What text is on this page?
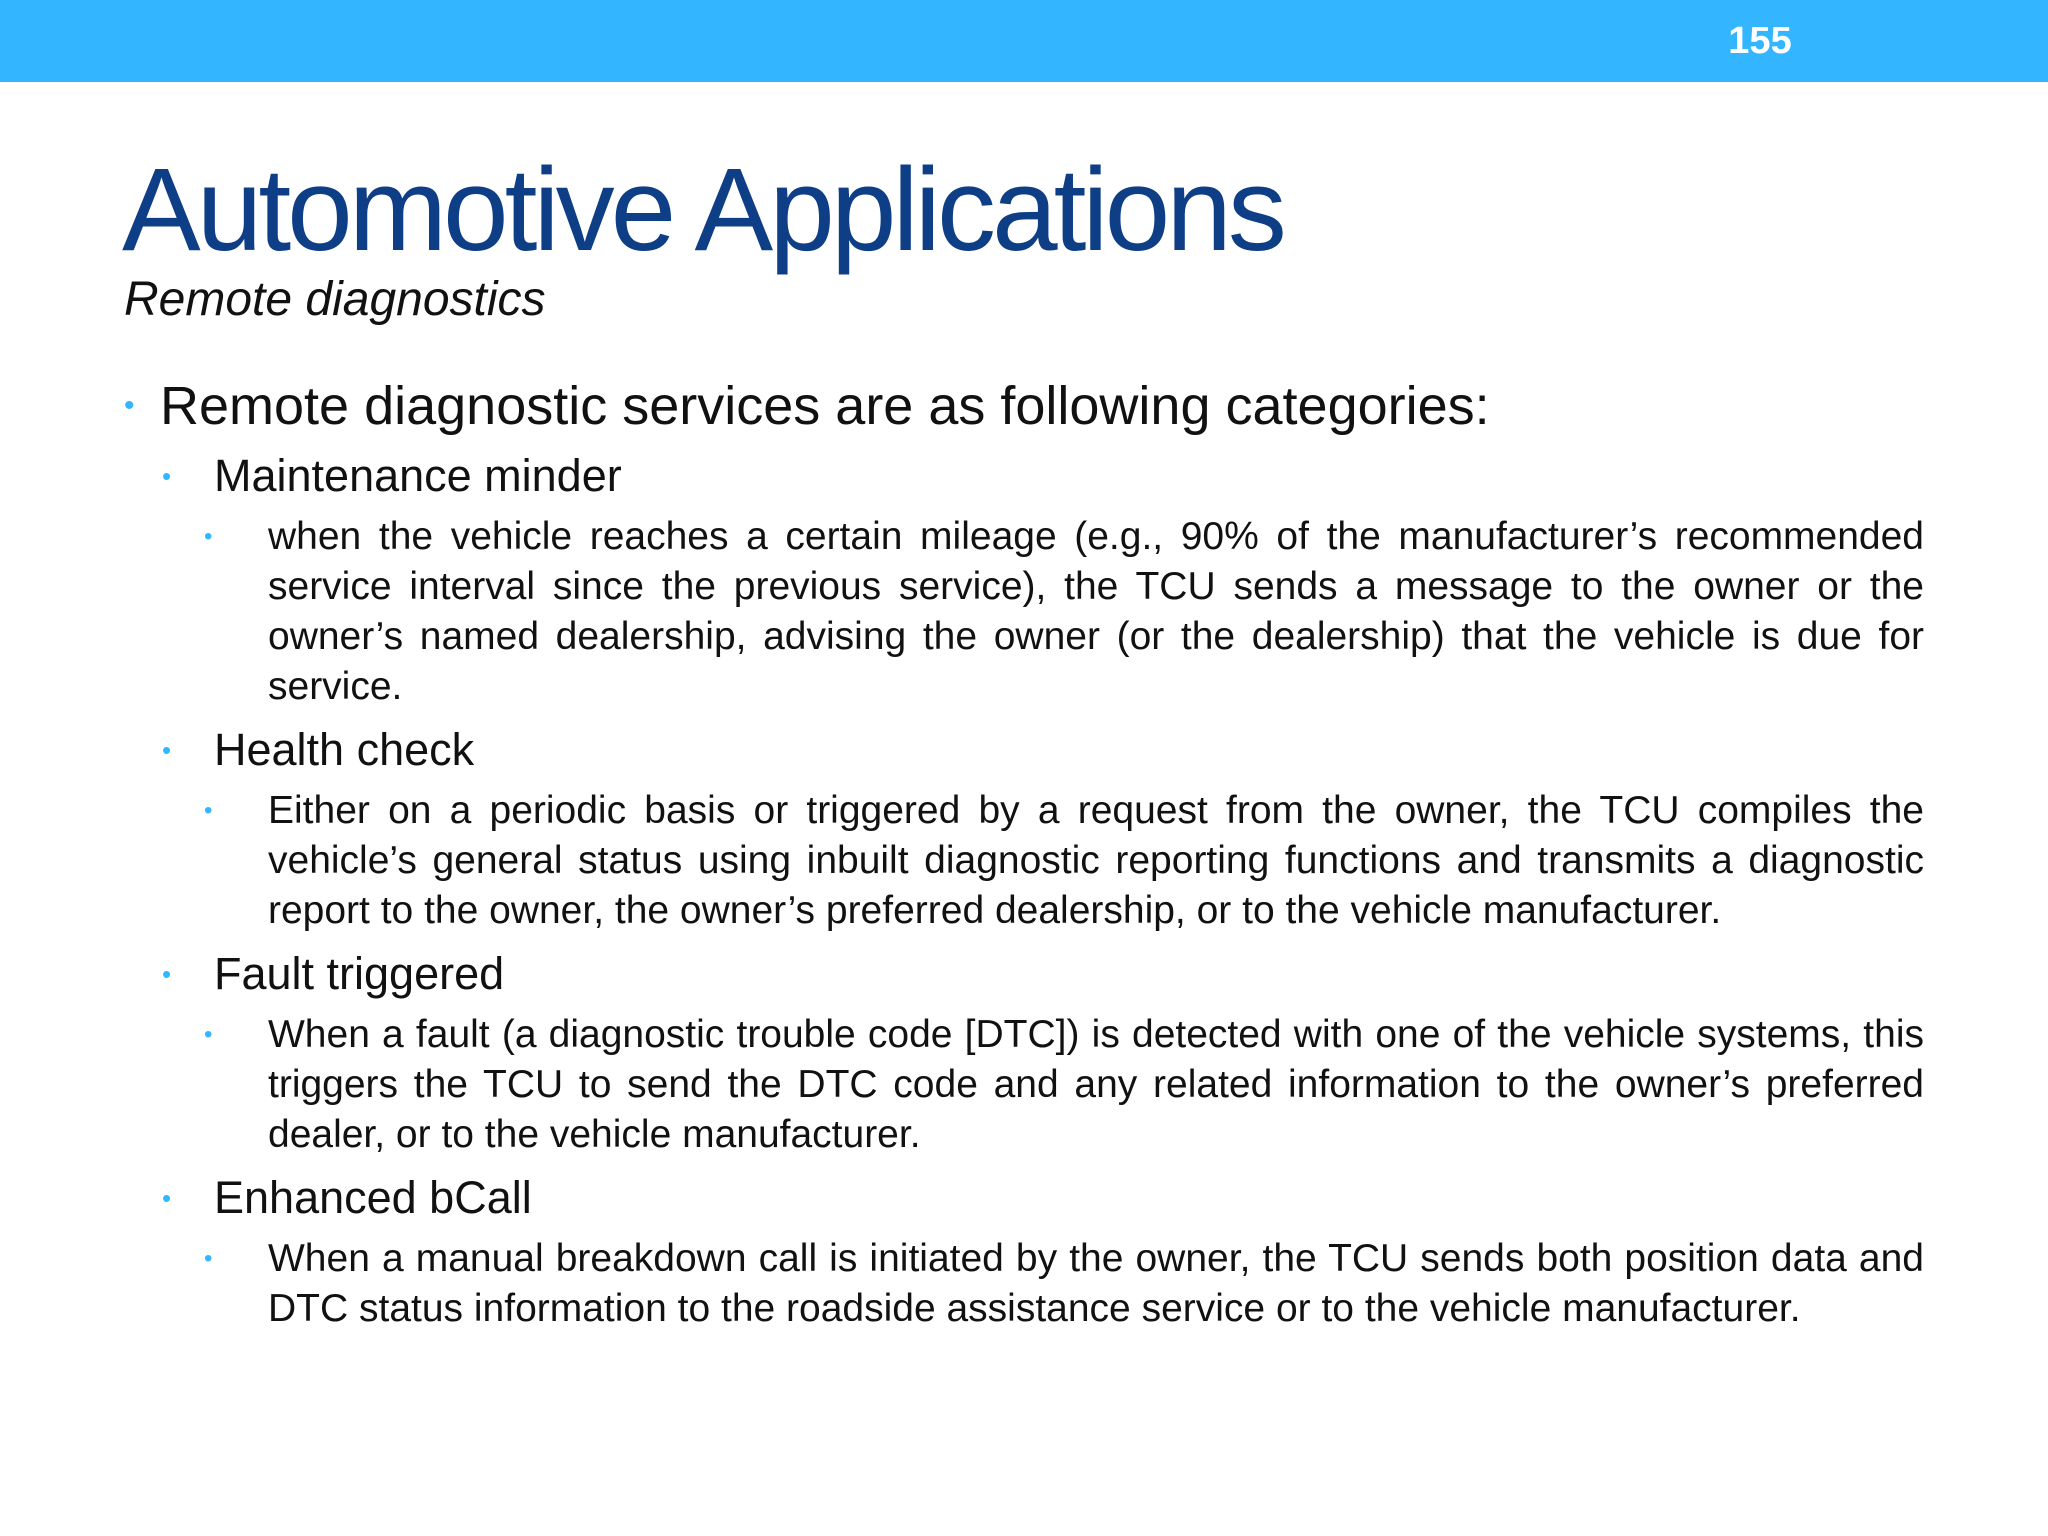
155
Automotive Applications
Remote diagnostics
• Remote diagnostic services are as following categories:
• Maintenance minder
• when the vehicle reaches a certain mileage (e.g., 90% of the manufacturer’s recommended service interval since the previous service), the TCU sends a message to the owner or the owner’s named dealership, advising the owner (or the dealership) that the vehicle is due for service.
• Health check
• Either on a periodic basis or triggered by a request from the owner, the TCU compiles the vehicle’s general status using inbuilt diagnostic reporting functions and transmits a diagnostic report to the owner, the owner’s preferred dealership, or to the vehicle manufacturer.
• Fault triggered
• When a fault (a diagnostic trouble code [DTC]) is detected with one of the vehicle systems, this triggers the TCU to send the DTC code and any related information to the owner’s preferred dealer, or to the vehicle manufacturer.
• Enhanced bCall
• When a manual breakdown call is initiated by the owner, the TCU sends both position data and DTC status information to the roadside assistance service or to the vehicle manufacturer.
